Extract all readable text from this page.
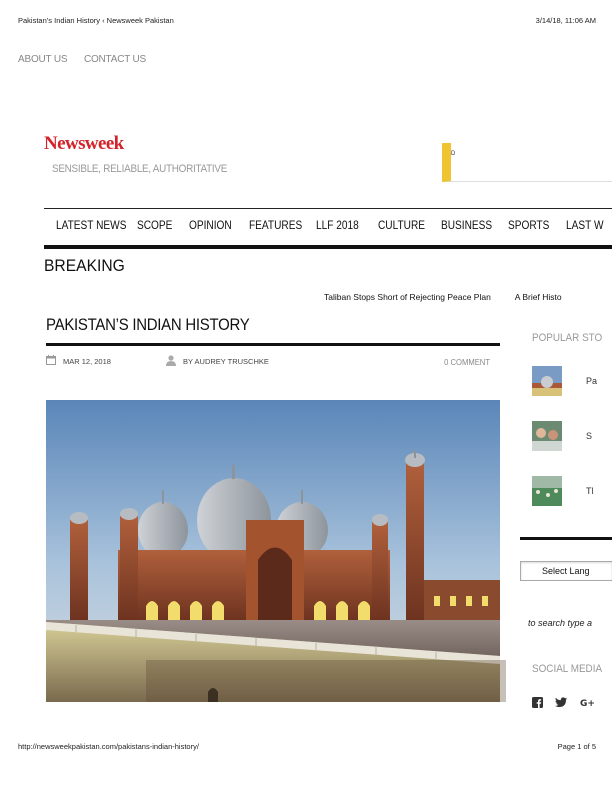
Pakistan’s Indian History ‹ Newsweek Pakistan	3/14/18, 11:06 AM
ABOUT US CONTACT US
Newsweek
SENSIBLE, RELIABLE, AUTHORITATIVE
D
LATEST NEWS SCOPE OPINION FEATURES LLF 2018 CULTURE BUSINESS SPORTS LAST W
BREAKING
Taliban Stops Short of Rejecting Peace Plan	A Brief Histo
PAKISTAN’S INDIAN HISTORY
MAR 12, 2018	BY AUDREY TRUSCHKE	0 COMMENT
POPULAR STO
Pa
S
Tl
Select Lang
to search type a
SOCIAL MEDIA
G+
http://newsweekpakistan.com/pakistans-indian-history/	Page 1 of 5
